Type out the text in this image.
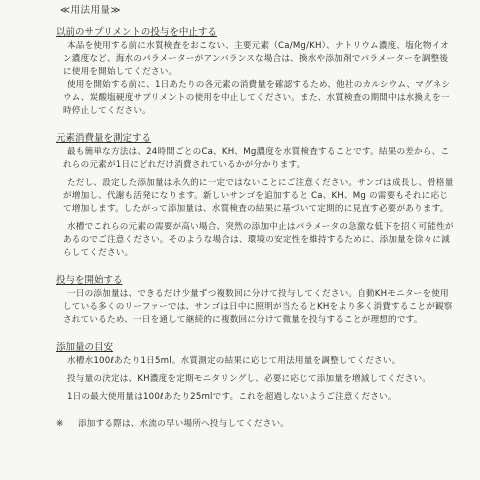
≪用法用量≫
以前のサプリメントの投与を中止する

本品を使用する前に水質検査をおこない、主要元素（Ca/Mg/KH）、ナトリウム濃度、塩化物イオン濃度など、海水のパラメーターがアンバランスな場合は、換水や添加剤でパラメーターを調整後に使用を開始してください。

使用を開始する前に、1日あたりの各元素の消費量を確認するため、他社のカルシウム、マグネシウム、炭酸塩硬度サプリメントの使用を中止してください。また、水質検査の期間中は水換えを一時停止してください。

元素消費量を測定する

最も簡単な方法は、24時間ごとのCa、KH、Mg濃度を水質検査することです。結果の差から、これらの元素が1日にどれだけ消費されているかが分かります。

ただし、設定した添加量は永久的に一定ではないことにご注意ください。サンゴは成長し、骨格量が増加し、代謝も活発になります。新しいサンゴを追加すると Ca、KH、Mg の需要もそれに応じて増加します。したがって添加量は、水質検査の結果に基づいて定期的に見直す必要があります。

水槽でこれらの元素の需要が高い場合、突然の添加中止はパラメータの急激な低下を招く可能性があるのでご注意ください。そのような場合は、環境の安定性を維持するために、添加量を徐々に減らしてください。

投与を開始する

一日の添加量は、できるだけ少量ずつ複数回に分けて投与してください。自動KHモニターを使用している多くのリーファーでは、サンゴは日中に照明が当たるとKHをより多く消費することが観察されているため、一日を通して継続的に複数回に分けて微量を投与することが理想的です。

添加量の目安

水槽水100ℓあたり1日5ml。水質測定の結果に応じて用法用量を調整してください。

投与量の決定は、KH濃度を定期モニタリングし、必要に応じて添加量を増減してください。

1日の最大使用量は100ℓあたり25mlです。これを超過しないようご注意ください。

※ 添加する際は、水流の早い場所へ投与してください。
